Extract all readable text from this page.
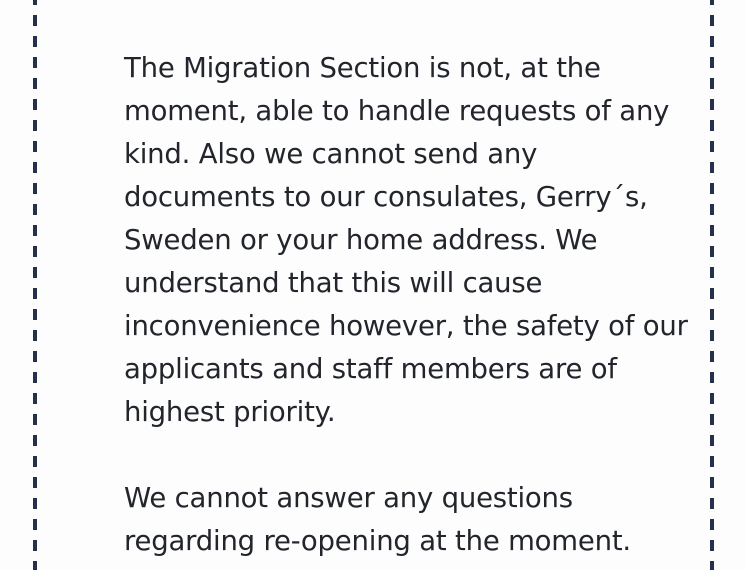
The Migration Section is not, at the moment, able to handle requests of any kind. Also we cannot send any documents to our consulates, Gerry´s, Sweden or your home address. We understand that this will cause inconvenience however, the safety of our applicants and staff members are of highest priority.

We cannot answer any questions regarding re-opening at the moment.
